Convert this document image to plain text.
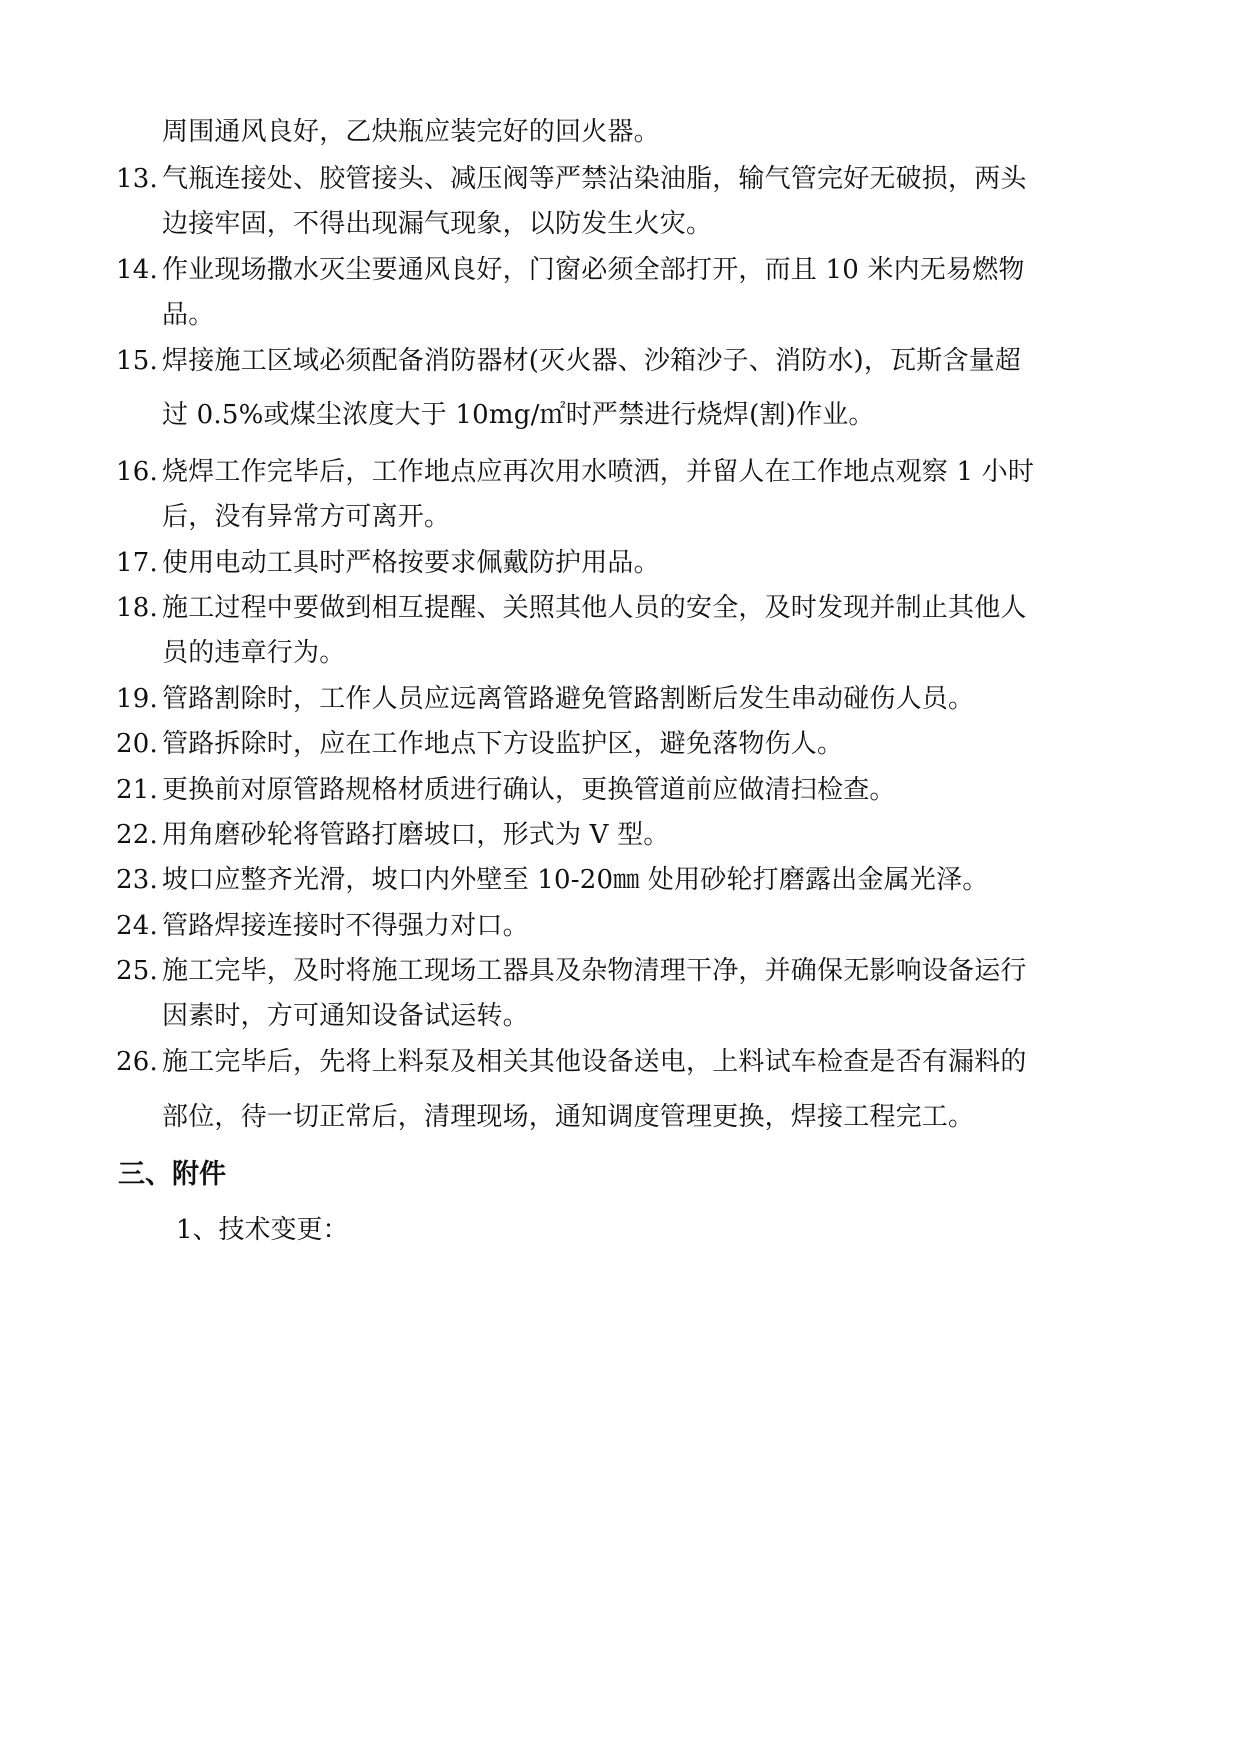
周围通风良好，乙炔瓶应装完好的回火器。
13. 气瓶连接处、胶管接头、减压阀等严禁沾染油脂，输气管完好无破损，两头
边接牢固，不得出现漏气现象，以防发生火灾。
14. 作业现场撒水灭尘要通风良好，门窗必须全部打开，而且 10 米内无易燃物
品。
15. 焊接施工区域必须配备消防器材(灭火器、沙箱沙子、消防水)，瓦斯含量超
过 0.5%或煤尘浓度大于 10mg/㎡时严禁进行烧焊(割)作业。
16. 烧焊工作完毕后，工作地点应再次用水喷洒，并留人在工作地点观察 1 小时
后，没有异常方可离开。
17. 使用电动工具时严格按要求佩戴防护用品。
18. 施工过程中要做到相互提醒、关照其他人员的安全，及时发现并制止其他人
员的违章行为。
19. 管路割除时，工作人员应远离管路避免管路割断后发生串动碰伤人员。
20. 管路拆除时，应在工作地点下方设监护区，避免落物伤人。
21. 更换前对原管路规格材质进行确认，更换管道前应做清扫检查。
22. 用角磨砂轮将管路打磨坡口，形式为 V 型。
23. 坡口应整齐光滑，坡口内外壁至 10-20㎜ 处用砂轮打磨露出金属光泽。
24. 管路焊接连接时不得强力对口。
25. 施工完毕，及时将施工现场工器具及杂物清理干净，并确保无影响设备运行
因素时，方可通知设备试运转。
26. 施工完毕后，先将上料泵及相关其他设备送电，上料试车检查是否有漏料的
部位，待一切正常后，清理现场，通知调度管理更换，焊接工程完工。
三、附件
1、技术变更：
